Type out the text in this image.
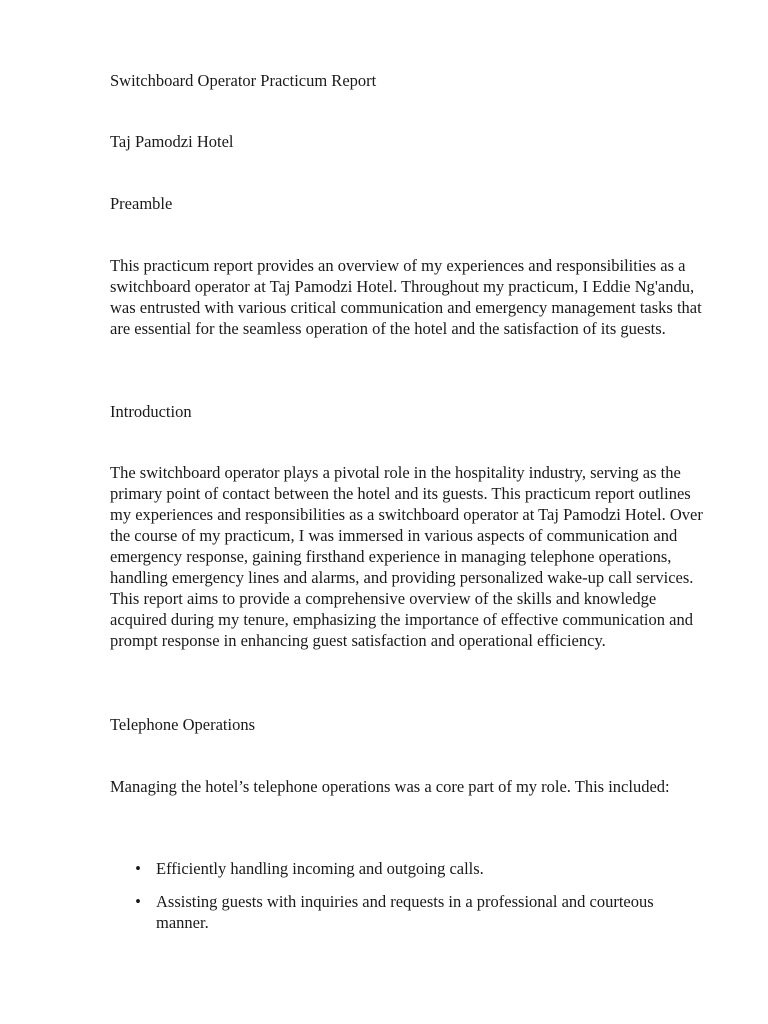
Switchboard Operator Practicum Report

Taj Pamodzi Hotel

Preamble

This practicum report provides an overview of my experiences and responsibilities as a switchboard operator at Taj Pamodzi Hotel. Throughout my practicum, I Eddie Ng'andu, was entrusted with various critical communication and emergency management tasks that are essential for the seamless operation of the hotel and the satisfaction of its guests.

Introduction

The switchboard operator plays a pivotal role in the hospitality industry, serving as the primary point of contact between the hotel and its guests. This practicum report outlines my experiences and responsibilities as a switchboard operator at Taj Pamodzi Hotel. Over the course of my practicum, I was immersed in various aspects of communication and emergency response, gaining firsthand experience in managing telephone operations, handling emergency lines and alarms, and providing personalized wake-up call services. This report aims to provide a comprehensive overview of the skills and knowledge acquired during my tenure, emphasizing the importance of effective communication and prompt response in enhancing guest satisfaction and operational efficiency.

Telephone Operations

Managing the hotel’s telephone operations was a core part of my role. This included:

• Efficiently handling incoming and outgoing calls.
• Assisting guests with inquiries and requests in a professional and courteous manner.
